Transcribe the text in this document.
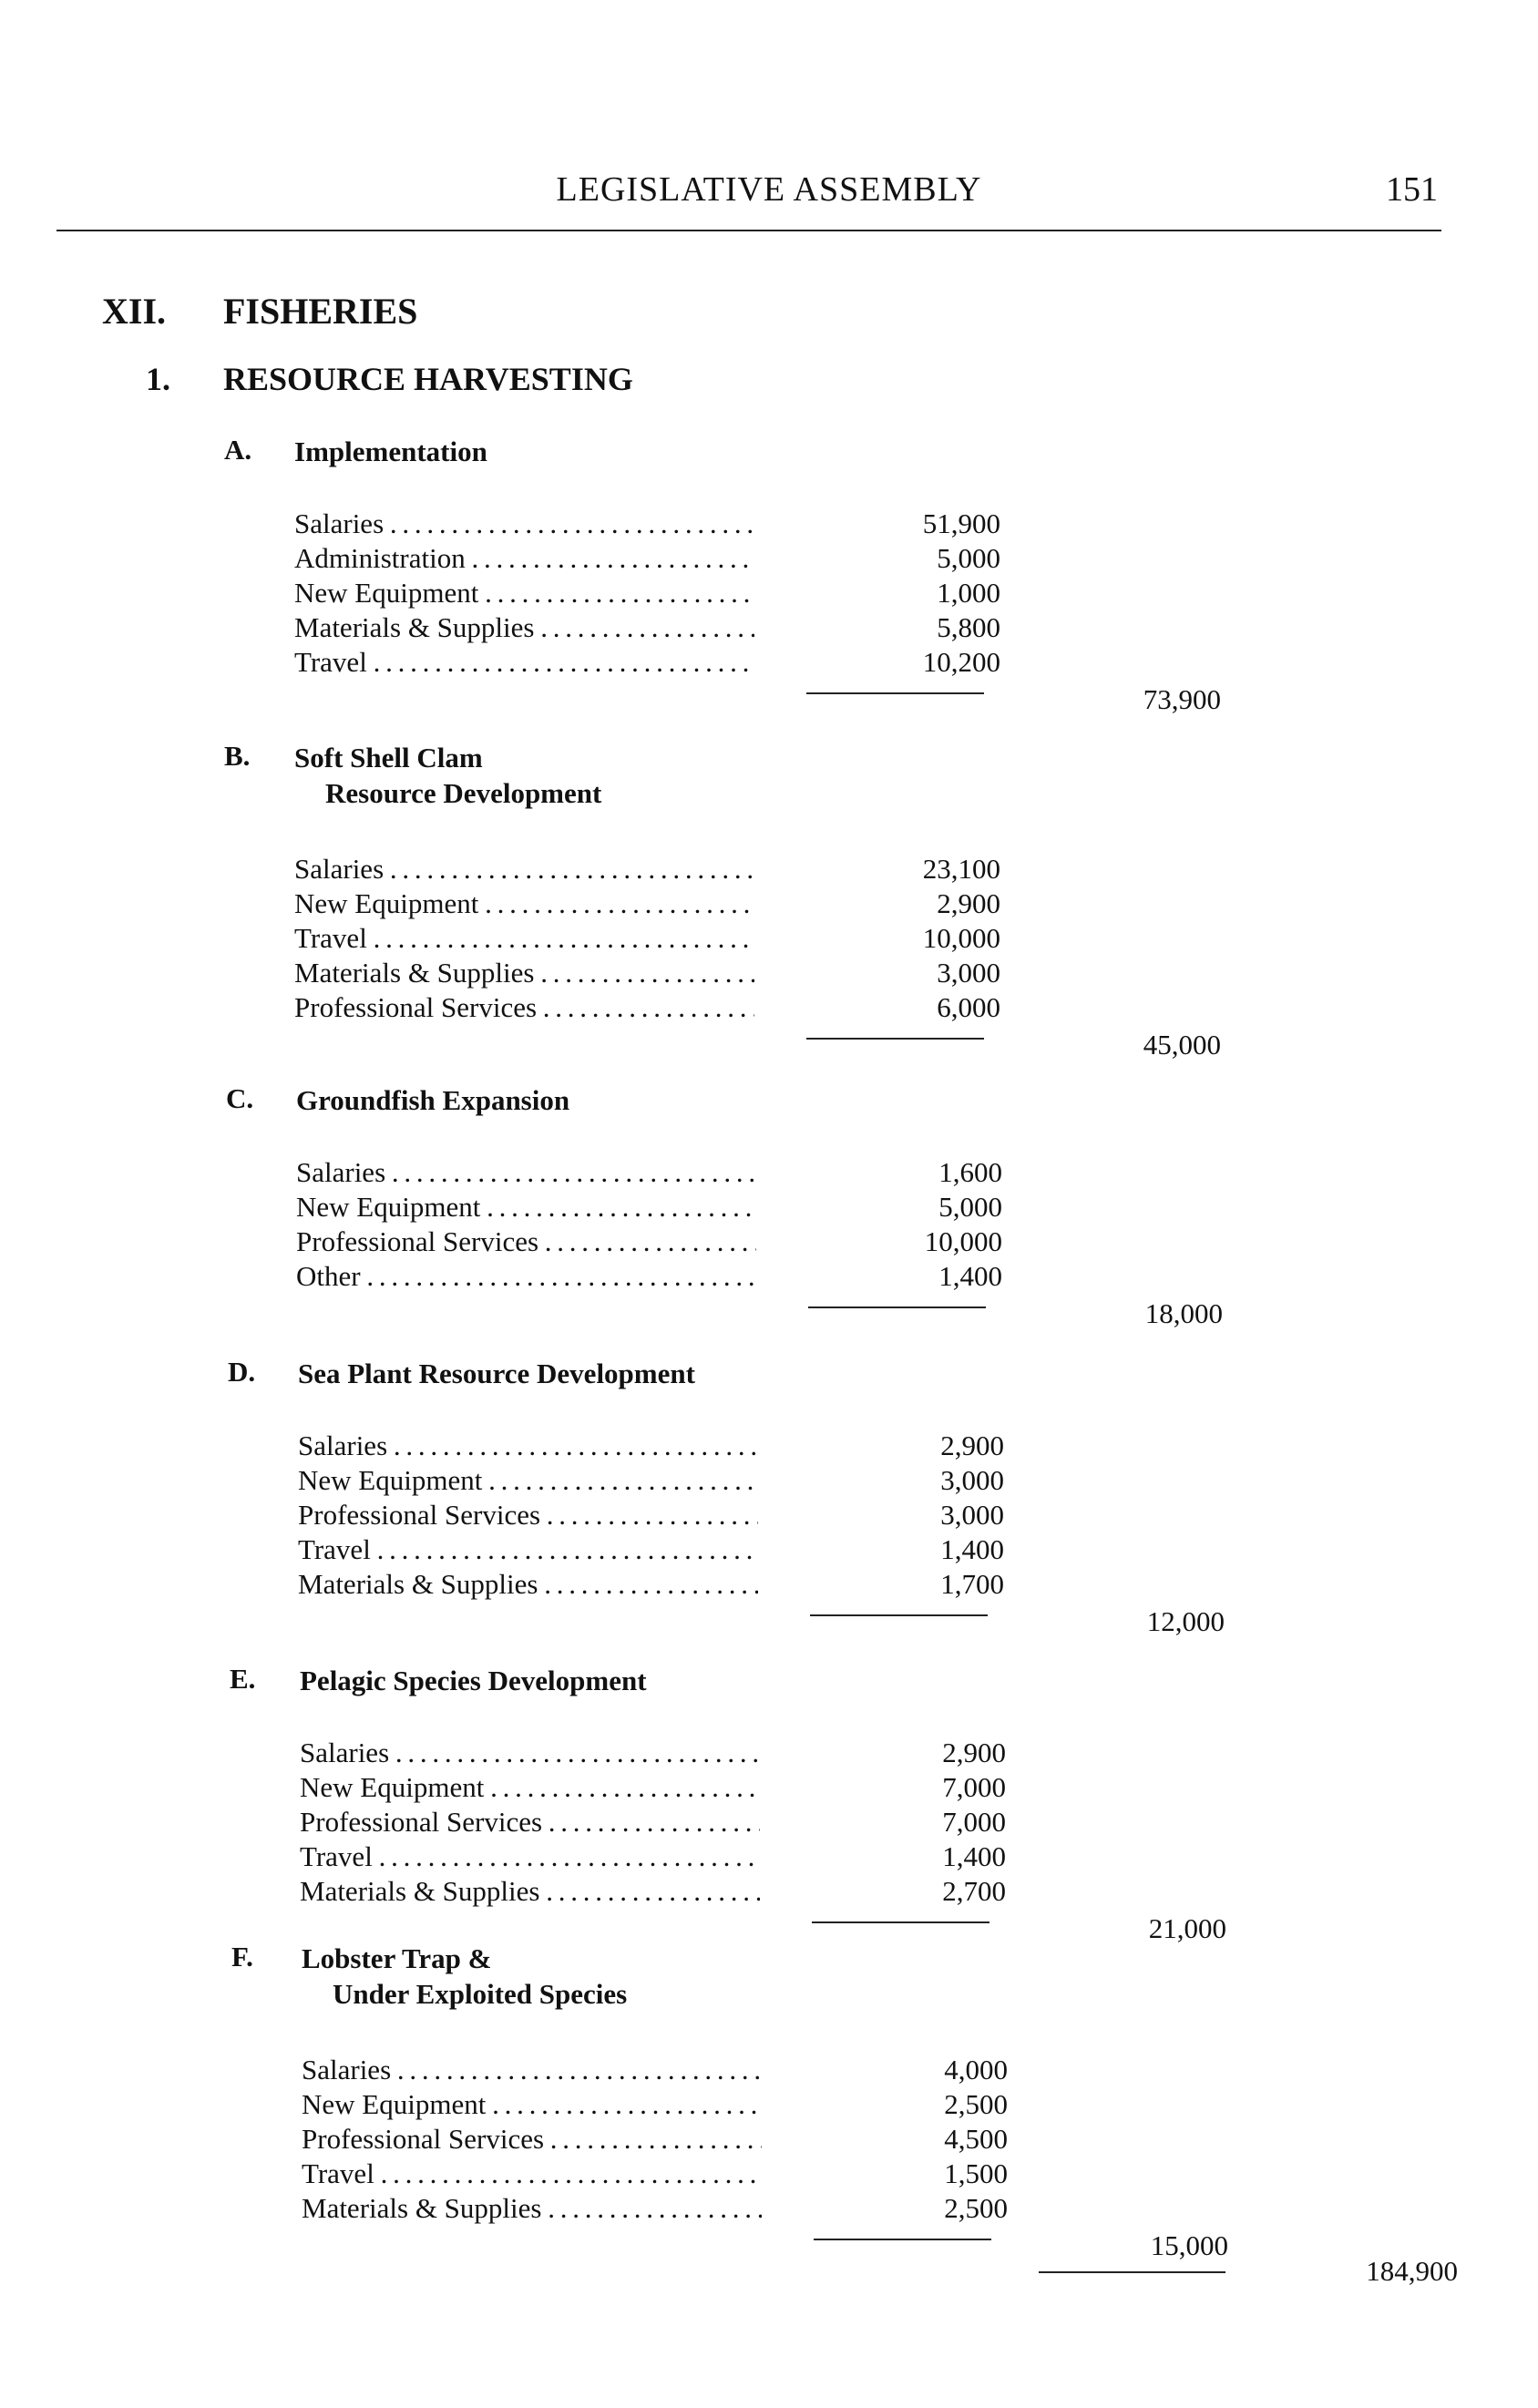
LEGISLATIVE ASSEMBLY	151
XII. FISHERIES
1. RESOURCE HARVESTING
A. Implementation
Salaries . . .	51,900
Administration . . .	5,000
New Equipment . . .	1,000
Materials & Supplies . . .	5,800
Travel . . .	10,200
73,900
B. Soft Shell Clam
Resource Development
Salaries . . .	23,100
New Equipment . . .	2,900
Travel . . .	10,000
Materials & Supplies . . .	3,000
Professional Services . . .	6,000
45,000
C. Groundfish Expansion
Salaries . . .	1,600
New Equipment . . .	5,000
Professional Services . . .	10,000
Other . . .	1,400
18,000
D. Sea Plant Resource Development
Salaries . . .	2,900
New Equipment . . .	3,000
Professional Services . . .	3,000
Travel . . .	1,400
Materials & Supplies . . .	1,700
12,000
E. Pelagic Species Development
Salaries . . .	2,900
New Equipment . . .	7,000
Professional Services . . .	7,000
Travel . . .	1,400
Materials & Supplies . . .	2,700
21,000
F. Lobster Trap &
Under Exploited Species
Salaries . . .	4,000
New Equipment . . .	2,500
Professional Services . . .	4,500
Travel . . .	1,500
Materials & Supplies . . .	2,500
15,000
184,900
